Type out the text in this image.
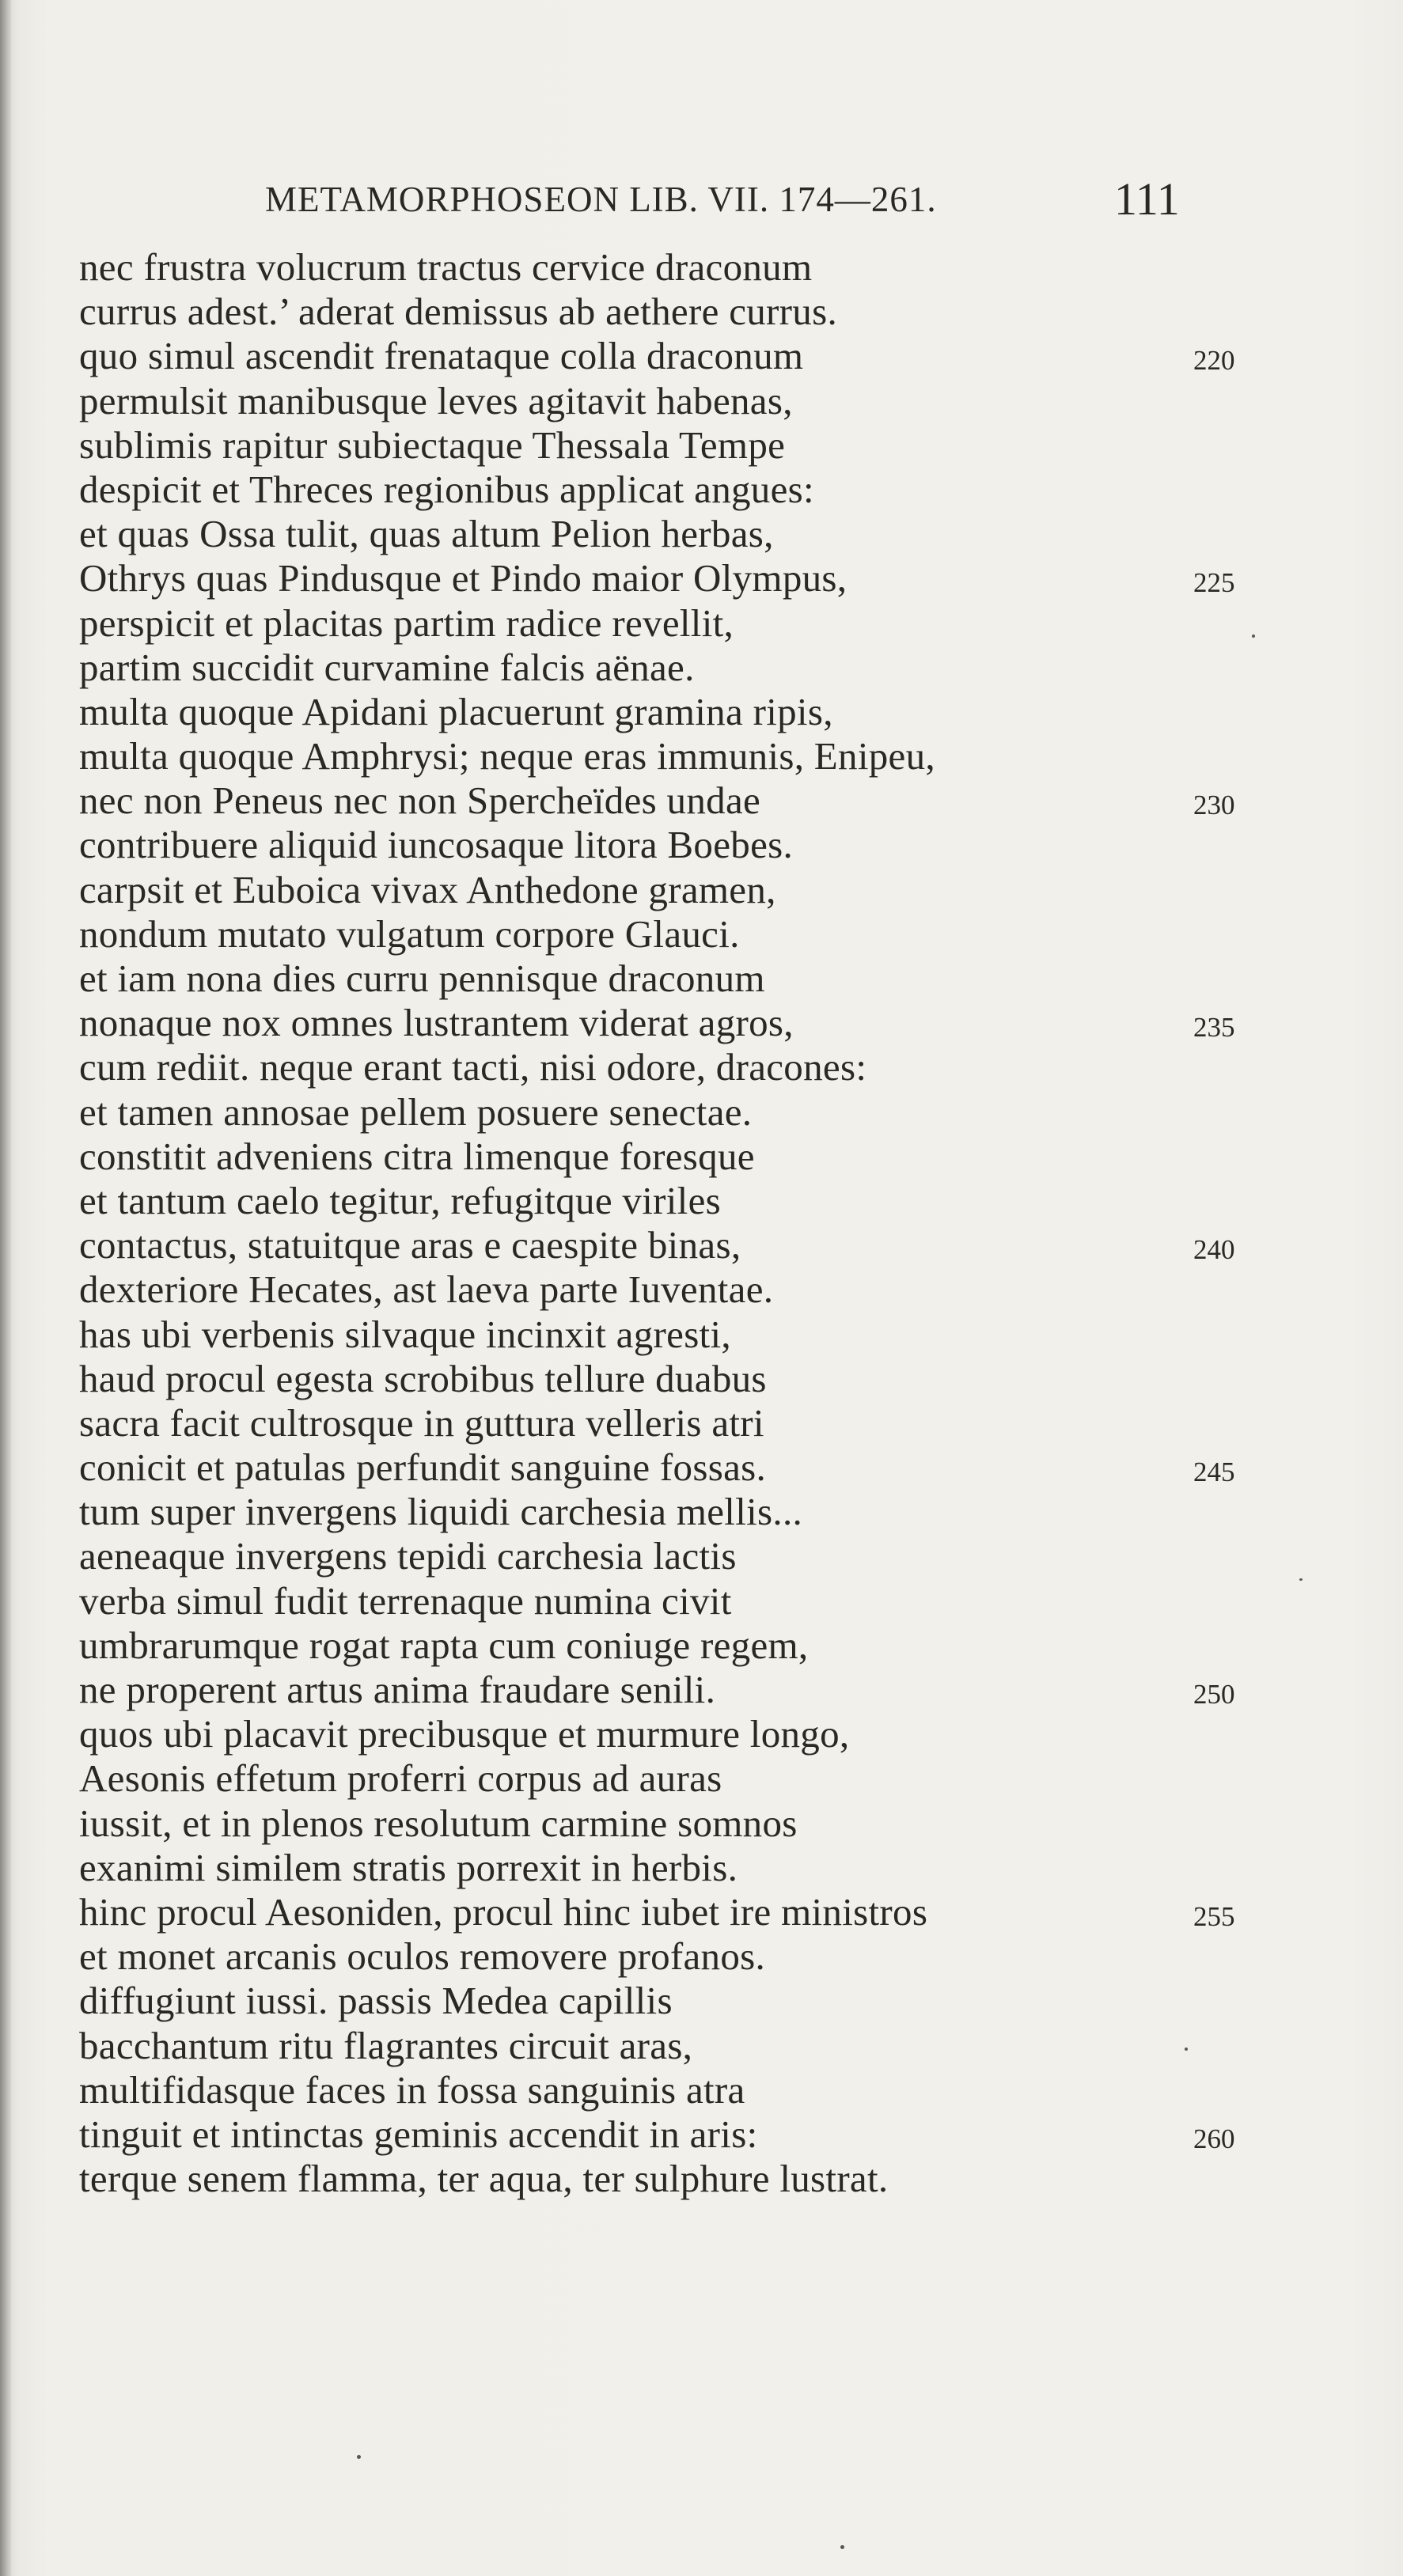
METAMORPHOSEON LIB. VII. 174—261.	111
nec frustra volucrum tractus cervice draconum
currus adest.’ aderat demissus ab aethere currus.
quo simul ascendit frenataque colla draconum
permulsit manibusque leves agitavit habenas,
sublimis rapitur subiectaque Thessala Tempe
despicit et Threces regionibus applicat angues:
et quas Ossa tulit, quas altum Pelion herbas,
Othrys quas Pindusque et Pindo maior Olympus,
perspicit et placitas partim radice revellit,
partim succidit curvamine falcis aënae.
multa quoque Apidani placuerunt gramina ripis,
multa quoque Amphrysi; neque eras immunis, Enipeu,
nec non Peneus nec non Spercheïdes undae
contribuere aliquid iuncosaque litora Boebes.
carpsit et Euboica vivax Anthedone gramen,
nondum mutato vulgatum corpore Glauci.
et iam nona dies curru pennisque draconum
nonaque nox omnes lustrantem viderat agros,
cum rediit. neque erant tacti, nisi odore, dracones:
et tamen annosae pellem posuere senectae.
constitit adveniens citra limenque foresque
et tantum caelo tegitur, refugitque viriles
contactus, statuitque aras e caespite binas,
dexteriore Hecates, ast laeva parte Iuventae.
has ubi verbenis silvaque incinxit agresti,
haud procul egesta scrobibus tellure duabus
sacra facit cultrosque in guttura velleris atri
conicit et patulas perfundit sanguine fossas.
tum super invergens liquidi carchesia mellis...
aeneaque invergens tepidi carchesia lactis
verba simul fudit terrenaque numina civit
umbrarumque rogat rapta cum coniuge regem,
ne properent artus anima fraudare senili.
quos ubi placavit precibusque et murmure longo,
Aesonis effetum proferri corpus ad auras
iussit, et in plenos resolutum carmine somnos
exanimi similem stratis porrexit in herbis.
hinc procul Aesoniden, procul hinc iubet ire ministros
et monet arcanis oculos removere profanos.
diffugiunt iussi. passis Medea capillis
bacchantum ritu flagrantes circuit aras,
multifidasque faces in fossa sanguinis atra
tinguit et intinctas geminis accendit in aris:
terque senem flamma, ter aqua, ter sulphure lustrat.
220
225
230
235
240
245
250
255
260
